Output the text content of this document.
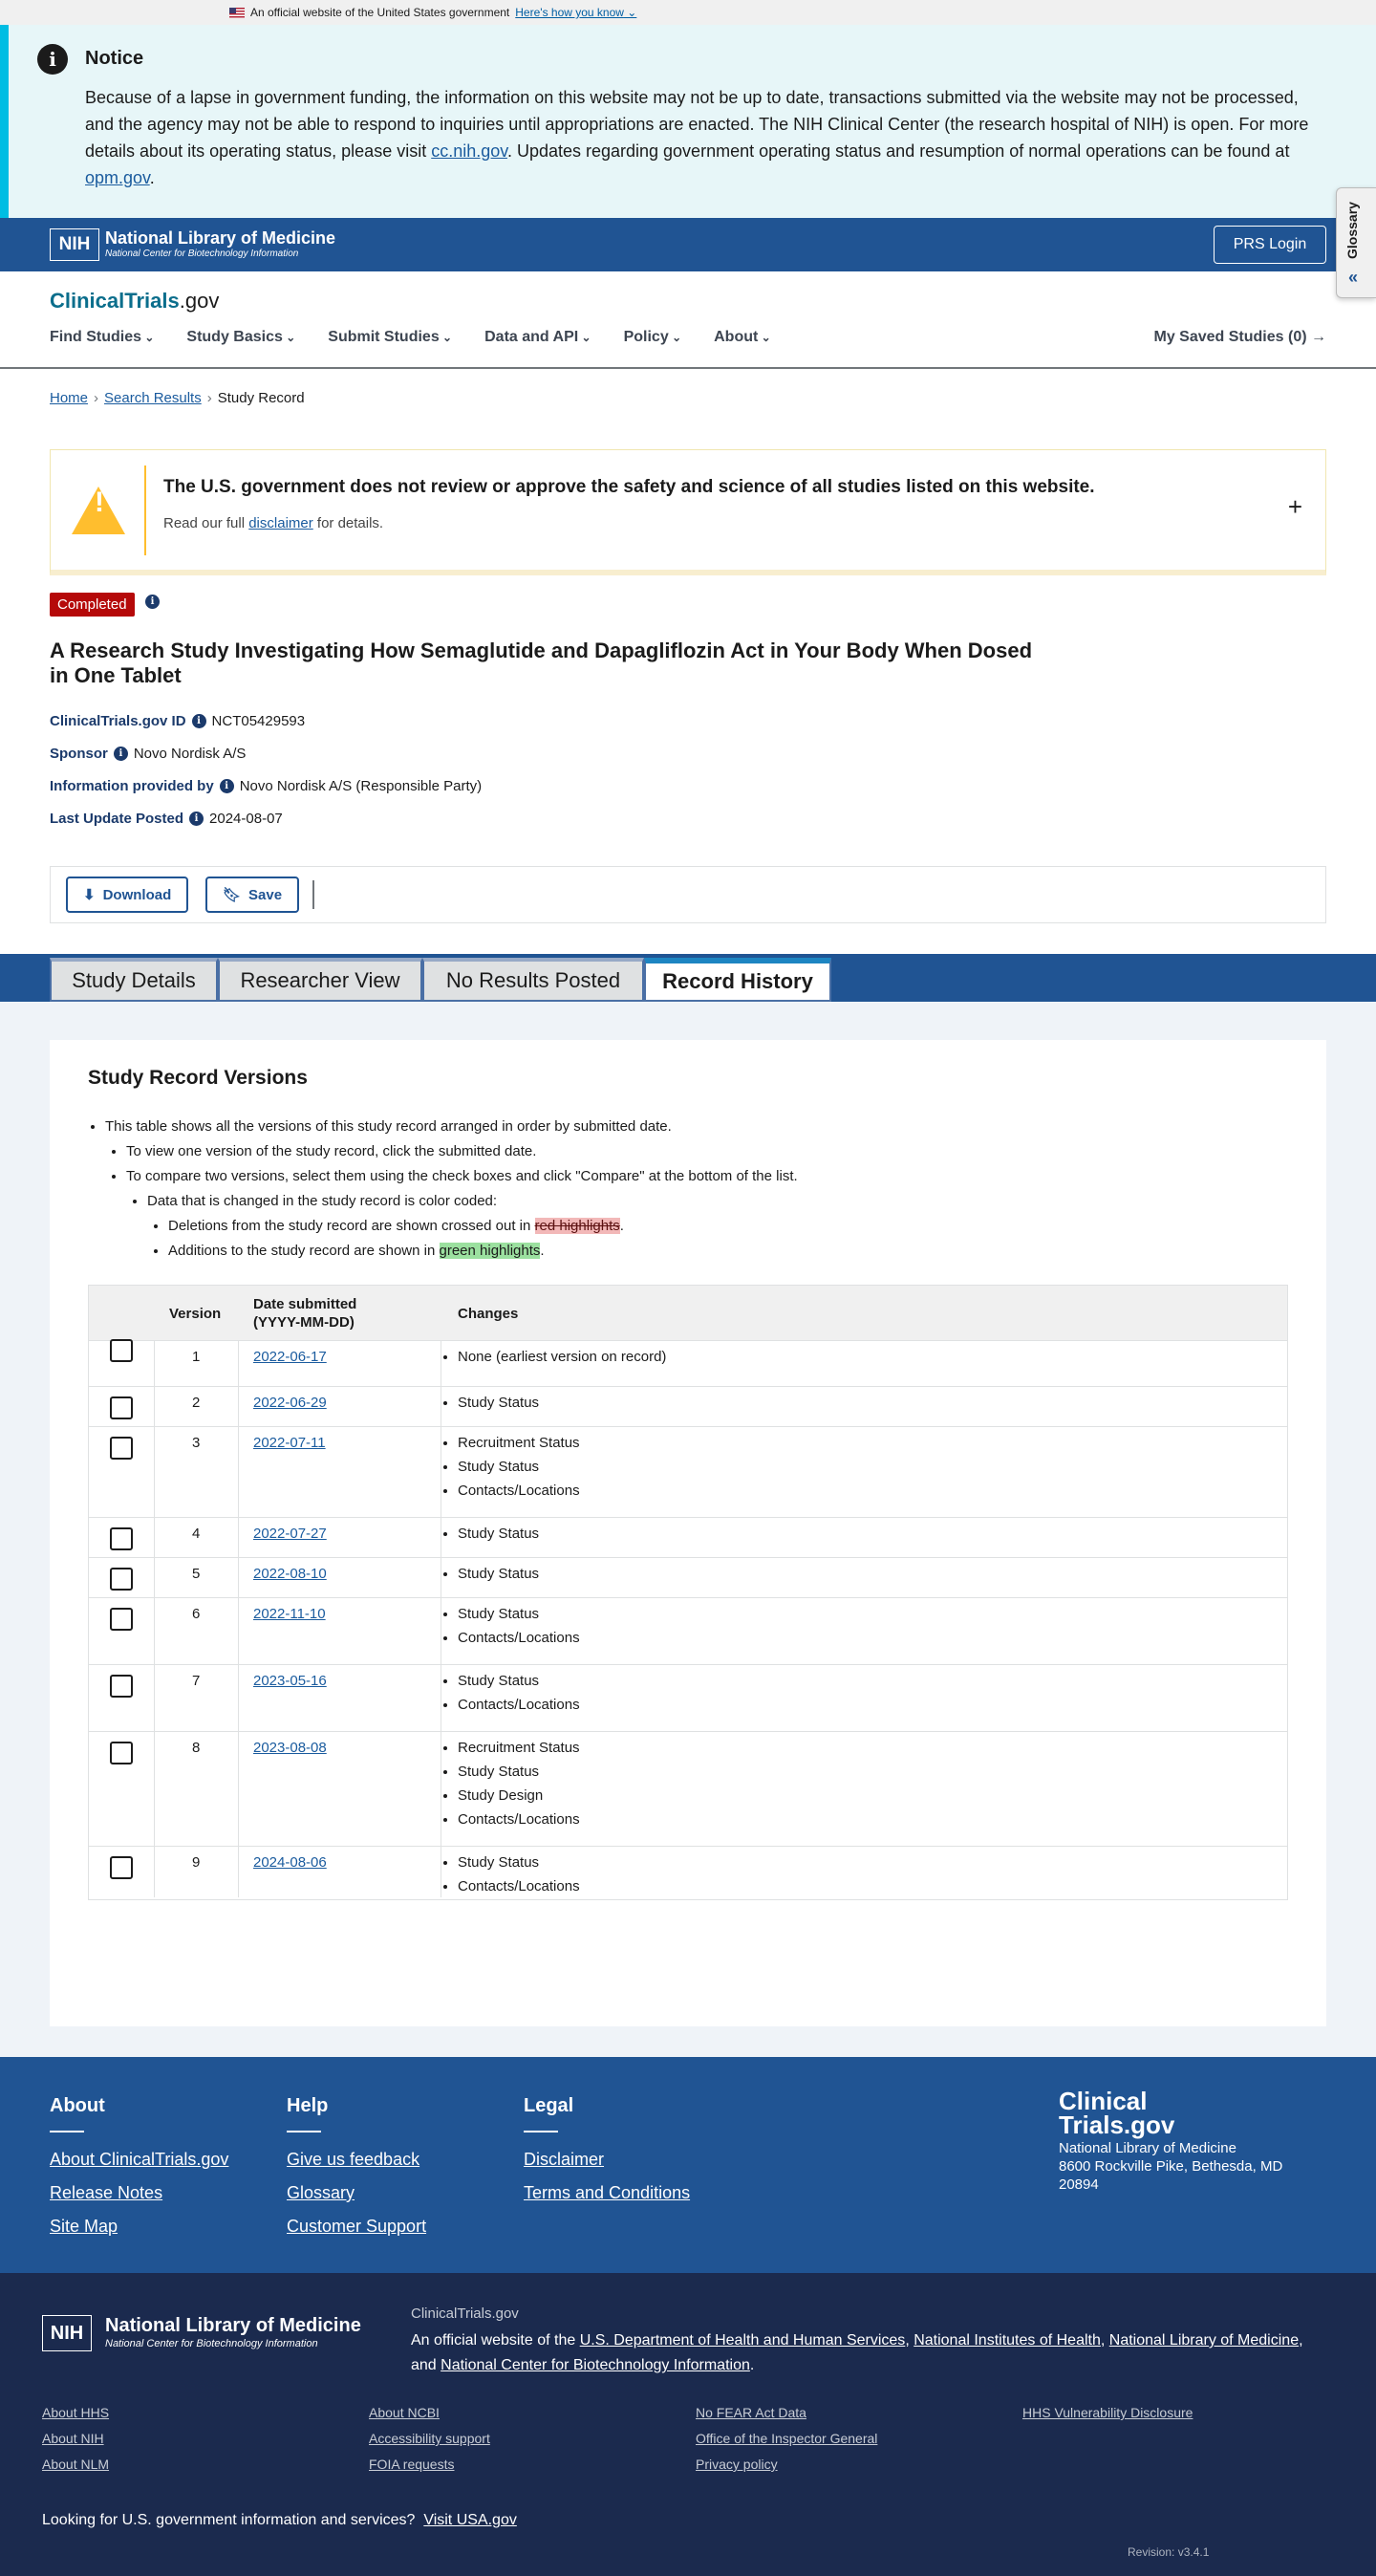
An official website of the United States government Here's how you know ⌄
i	Notice

Because of a lapse in government funding, the information on this website may not be up to date, transactions submitted via the website may not be processed, and the agency may not be able to respond to inquiries until appropriations are enacted. The NIH Clinical Center (the research hospital of NIH) is open. For more details about its operating status, please visit cc.nih.gov. Updates regarding government operating status and resumption of normal operations can be found at opm.gov.

NIH National Library of Medicine
National Center for Biotechnology Information
PRS Login	Glossary
«
ClinicalTrials.gov
Find Studies ⌄	Study Basics ⌄	Submit Studies ⌄	Data and API ⌄	Policy ⌄	About ⌄	My Saved Studies (0) →
Home › Search Results › Study Record
!	The U.S. government does not review or approve the safety and science of all studies listed on this website.
Read our full disclaimer for details.
+
Completed	i
A Research Study Investigating How Semaglutide and Dapagliflozin Act in Your Body When Dosed in One Tablet
ClinicalTrials.gov ID	i NCT05429593
Sponsor	i Novo Nordisk A/S
Information provided by	i Novo Nordisk A/S (Responsible Party)
Last Update Posted	i 2024-08-07
⬇ Download	🔖︎ Save
Study Details	Researcher View	No Results Posted	Record History
Study Record Versions
• This table shows all the versions of this study record arranged in order by submitted date.
• To view one version of the study record, click the submitted date.
• To compare two versions, select them using the check boxes and click "Compare" at the bottom of the list.
• Data that is changed in the study record is color coded:
• Deletions from the study record are shown crossed out in red highlights.
• Additions to the study record are shown in green highlights.
Version
Date submitted (YYYY-MM-DD)
Changes
1	2022-06-17	• None (earliest version on record)
2	2022-06-29	• Study Status
3	2022-07-11	• Recruitment Status
• Study Status
• Contacts/Locations
4	2022-07-27	• Study Status
5	2022-08-10	• Study Status
6	2022-11-10	• Study Status
• Contacts/Locations
7	2023-05-16	• Study Status
• Contacts/Locations
8	2023-08-08	• Recruitment Status
• Study Status
• Study Design
• Contacts/Locations
9	2024-08-06	• Study Status
• Contacts/Locations
About
About ClinicalTrials.gov
Release Notes
Site Map
Help
Give us feedback
Glossary
Customer Support
Legal
Disclaimer
Terms and Conditions
Clinical
Trials.gov
National Library of Medicine
8600 Rockville Pike, Bethesda, MD 20894
NIH	National Library of Medicine
National Center for Biotechnology Information
ClinicalTrials.gov
An official website of the U.S. Department of Health and Human Services, National Institutes of Health, National Library of Medicine, and National Center for Biotechnology Information.
About HHS
About NIH
About NLM
About NCBI
Accessibility support
FOIA requests
No FEAR Act Data
Office of the Inspector General
Privacy policy
HHS Vulnerability Disclosure
Looking for U.S. government information and services? Visit USA.gov
Revision: v3.4.1
